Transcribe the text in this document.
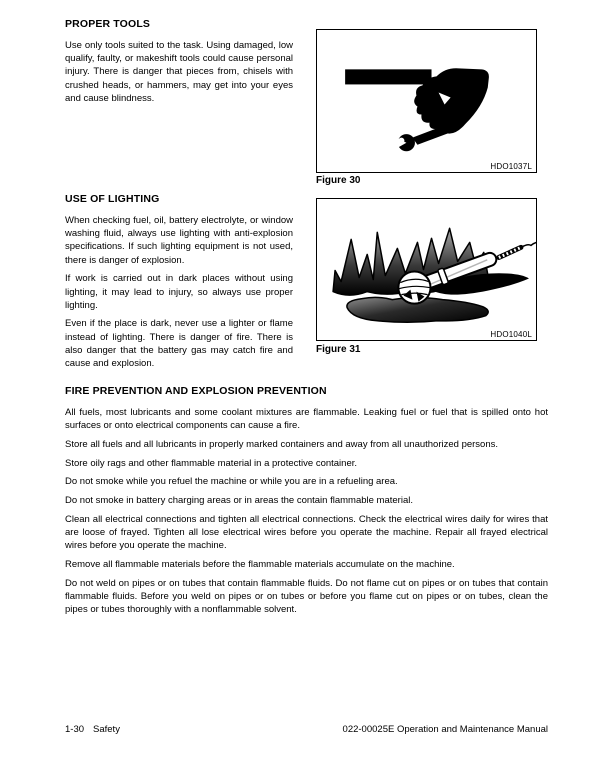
PROPER TOOLS

Use only tools suited to the task. Using damaged, low qualify, faulty, or makeshift tools could cause personal injury. There is danger that pieces from, chisels with crushed heads, or hammers, may get into your eyes and cause blindness.

HDO1037L
Figure 30
USE OF LIGHTING

When checking fuel, oil, battery electrolyte, or window washing fluid, always use lighting with anti-explosion specifications. If such lighting equipment is not used, there is danger of explosion.

If work is carried out in dark places without using lighting, it may lead to injury, so always use proper lighting.

Even if the place is dark, never use a lighter or flame instead of lighting. There is danger of fire. There is also danger that the battery gas may catch fire and cause and explosion.

HDO1040L
Figure 31
FIRE PREVENTION AND EXPLOSION PREVENTION

All fuels, most lubricants and some coolant mixtures are flammable. Leaking fuel or fuel that is spilled onto hot surfaces or onto electrical components can cause a fire.

Store all fuels and all lubricants in properly marked containers and away from all unauthorized persons.

Store oily rags and other flammable material in a protective container.

Do not smoke while you refuel the machine or while you are in a refueling area.

Do not smoke in battery charging areas or in areas the contain flammable material.

Clean all electrical connections and tighten all electrical connections. Check the electrical wires daily for wires that are loose of frayed. Tighten all lose electrical wires before you operate the machine. Repair all frayed electrical wires before you operate the machine.

Remove all flammable materials before the flammable materials accumulate on the machine.

Do not weld on pipes or on tubes that contain flammable fluids. Do not flame cut on pipes or on tubes that contain flammable fluids. Before you weld on pipes or on tubes or before you flame cut on pipes or on tubes, clean the pipes or tubes thoroughly with a nonflammable solvent.

1-30 Safety	022-00025E Operation and Maintenance Manual
